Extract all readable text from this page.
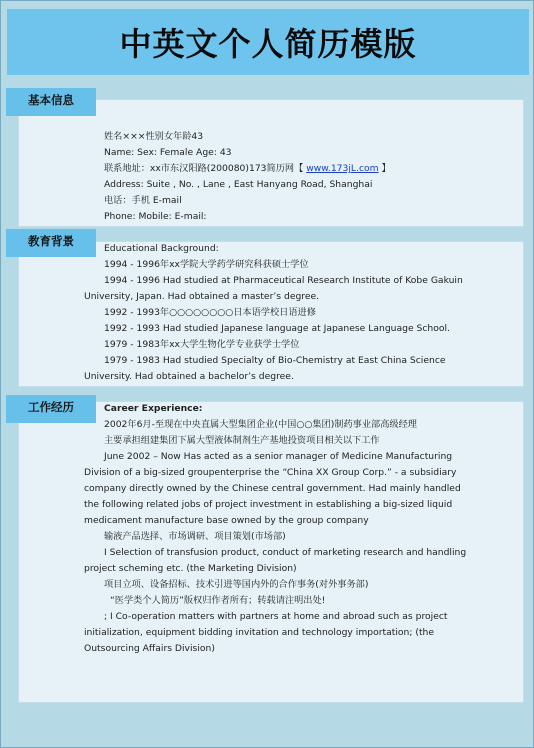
中英文个人简历模版
基本信息
姓名×××性别女年龄43
Name: Sex: Female Age: 43
联系地址：xx市东汉阳路(200080)173简历网【 www.173jL.com 】
Address: Suite , No. , Lane , East Hanyang Road, Shanghai
电话：手机 E-mail
Phone: Mobile: E-mail:
教育背景
Educational Background:
1994 - 1996年xx学院大学药学研究科获硕士学位
1994 - 1996 Had studied at Pharmaceutical Research Institute of Kobe Gakuin University, Japan. Had obtained a master’s degree.
1992 - 1993年○○○○○○○○日本语学校日语进修
1992 - 1993 Had studied Japanese language at Japanese Language School.
1979 - 1983年xx大学生物化学专业获学士学位
1979 - 1983 Had studied Specialty of Bio-Chemistry at East China Science University. Had obtained a bachelor’s degree.
工作经历	Career Experience:
2002年6月-至现在中央直属大型集团企业(中国○○集团)制药事业部高级经理
主要承担组建集团下属大型液体制剂生产基地投资项目相关以下工作
June 2002 – Now Has acted as a senior manager of Medicine Manufacturing Division of a big-sized groupenterprise the “China XX Group Corp.” - a subsidiary company directly owned by the Chinese central government. Had mainly handled the following related jobs of project investment in establishing a big-sized liquid medicament manufacture base owned by the group company
输液产品选择、市场调研、项目策划(市场部)
I Selection of transfusion product, conduct of marketing research and handling project scheming etc. (the Marketing Division)
项目立项、设备招标、技术引进等国内外的合作事务(对外事务部)
“医学类个人简历”版权归作者所有；转载请注明出处!
; I Co-operation matters with partners at home and abroad such as project initialization, equipment bidding invitation and technology importation; (the Outsourcing Affairs Division)
